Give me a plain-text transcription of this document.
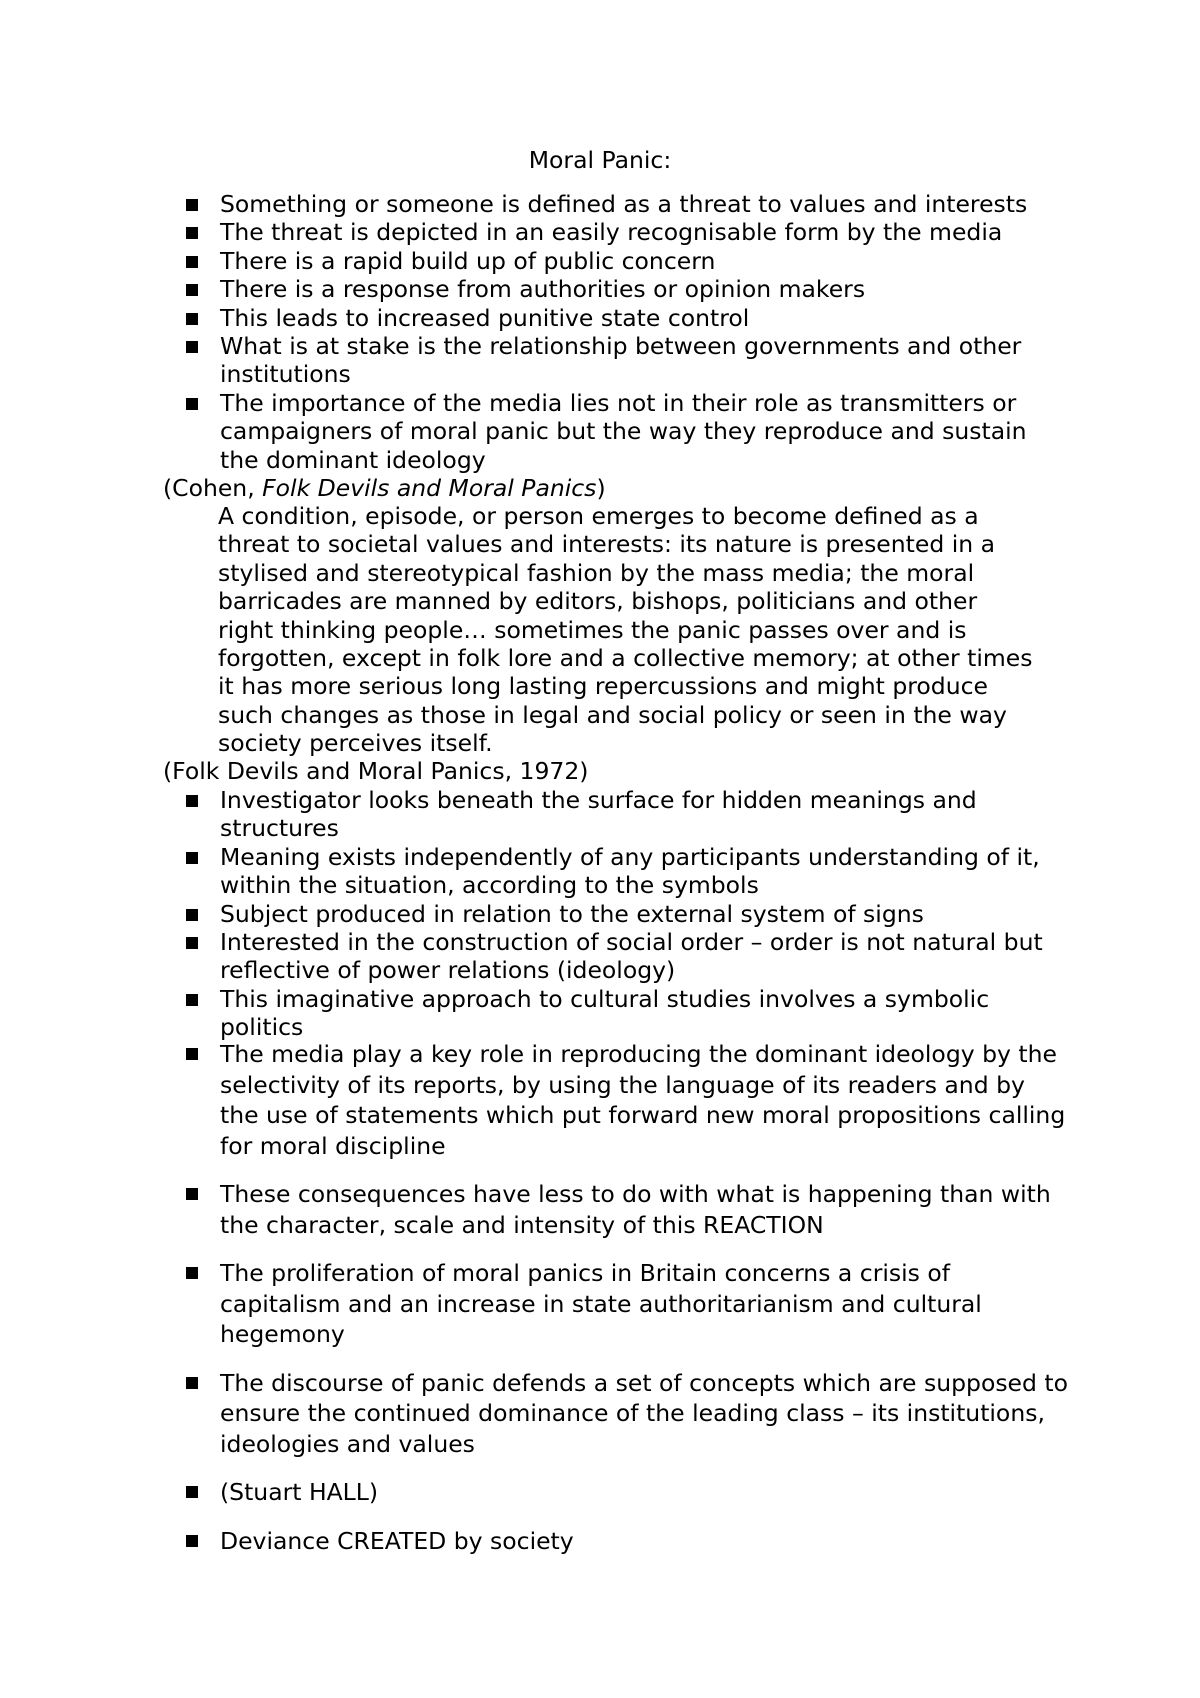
Moral Panic:
Something or someone is defined as a threat to values and interests
The threat is depicted in an easily recognisable form by the media
There is a rapid build up of public concern
There is a response from authorities or opinion makers
This leads to increased punitive state control
What is at stake is the relationship between governments and other institutions
The importance of the media lies not in their role as transmitters or campaigners of moral panic but the way they reproduce and sustain the dominant ideology
(Cohen, Folk Devils and Moral Panics)

A condition, episode, or person emerges to become defined as a

threat to societal values and interests: its nature is presented in a

stylised and stereotypical fashion by the mass media; the moral

barricades are manned by editors, bishops, politicians and other

right thinking people… sometimes the panic passes over and is

forgotten, except in folk lore and a collective memory; at other times

it has more serious long lasting repercussions and might produce

such changes as those in legal and social policy or seen in the way

society perceives itself.

(Folk Devils and Moral Panics, 1972)
Investigator looks beneath the surface for hidden meanings and structures
Meaning exists independently of any participants understanding of it, within the situation, according to the symbols
Subject produced in relation to the external system of signs
Interested in the construction of social order – order is not natural but reflective of power relations (ideology)
This imaginative approach to cultural studies involves a symbolic politics
The media play a key role in reproducing the dominant ideology by the selectivity of its reports, by using the language of its readers and by the use of statements which put forward new moral propositions calling for moral discipline
These consequences have less to do with what is happening than with the character, scale and intensity of this REACTION
The proliferation of moral panics in Britain concerns a crisis of capitalism and an increase in state authoritarianism and cultural hegemony
The discourse of panic defends a set of concepts which are supposed to ensure the continued dominance of the leading class – its institutions, ideologies and values
(Stuart HALL)
Deviance CREATED by society
